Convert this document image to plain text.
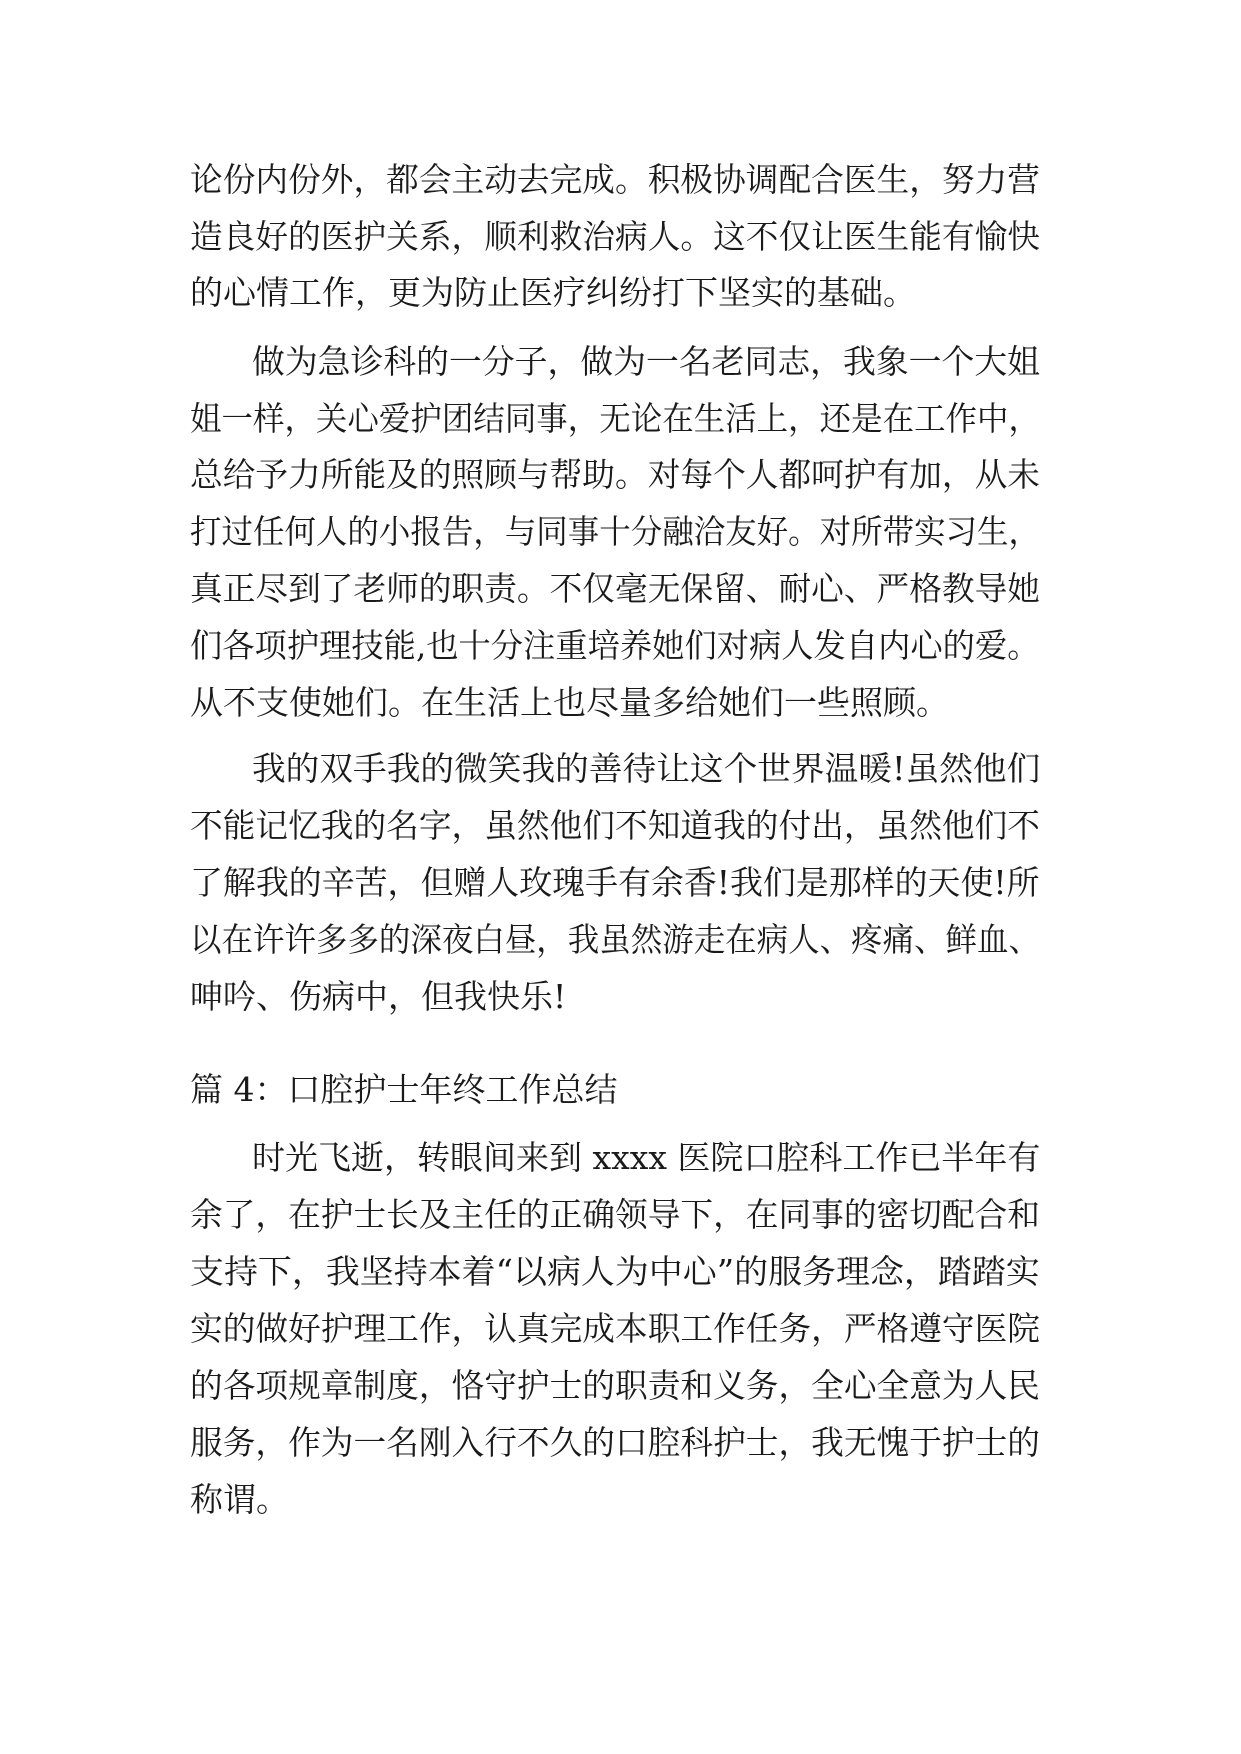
论份内份外，都会主动去完成。积极协调配合医生，努力营
造良好的医护关系，顺利救治病人。这不仅让医生能有愉快
的心情工作，更为防止医疗纠纷打下坚实的基础。
做为急诊科的一分子，做为一名老同志，我象一个大姐
姐一样，关心爱护团结同事，无论在生活上，还是在工作中，
总给予力所能及的照顾与帮助。对每个人都呵护有加，从未
打过任何人的小报告，与同事十分融洽友好。对所带实习生，
真正尽到了老师的职责。不仅毫无保留、耐心、严格教导她
们各项护理技能,也十分注重培养她们对病人发自内心的爱。
从不支使她们。在生活上也尽量多给她们一些照顾。
我的双手我的微笑我的善待让这个世界温暖!虽然他们
不能记忆我的名字，虽然他们不知道我的付出，虽然他们不
了解我的辛苦，但赠人玫瑰手有余香!我们是那样的天使!所
以在许许多多的深夜白昼，我虽然游走在病人、疼痛、鲜血、
呻吟、伤病中，但我快乐!
篇 4：口腔护士年终工作总结
时光飞逝，转眼间来到 xxxx 医院口腔科工作已半年有
余了，在护士长及主任的正确领导下，在同事的密切配合和
支持下，我坚持本着“以病人为中心”的服务理念，踏踏实
实的做好护理工作，认真完成本职工作任务，严格遵守医院
的各项规章制度，恪守护士的职责和义务，全心全意为人民
服务，作为一名刚入行不久的口腔科护士，我无愧于护士的
称谓。
